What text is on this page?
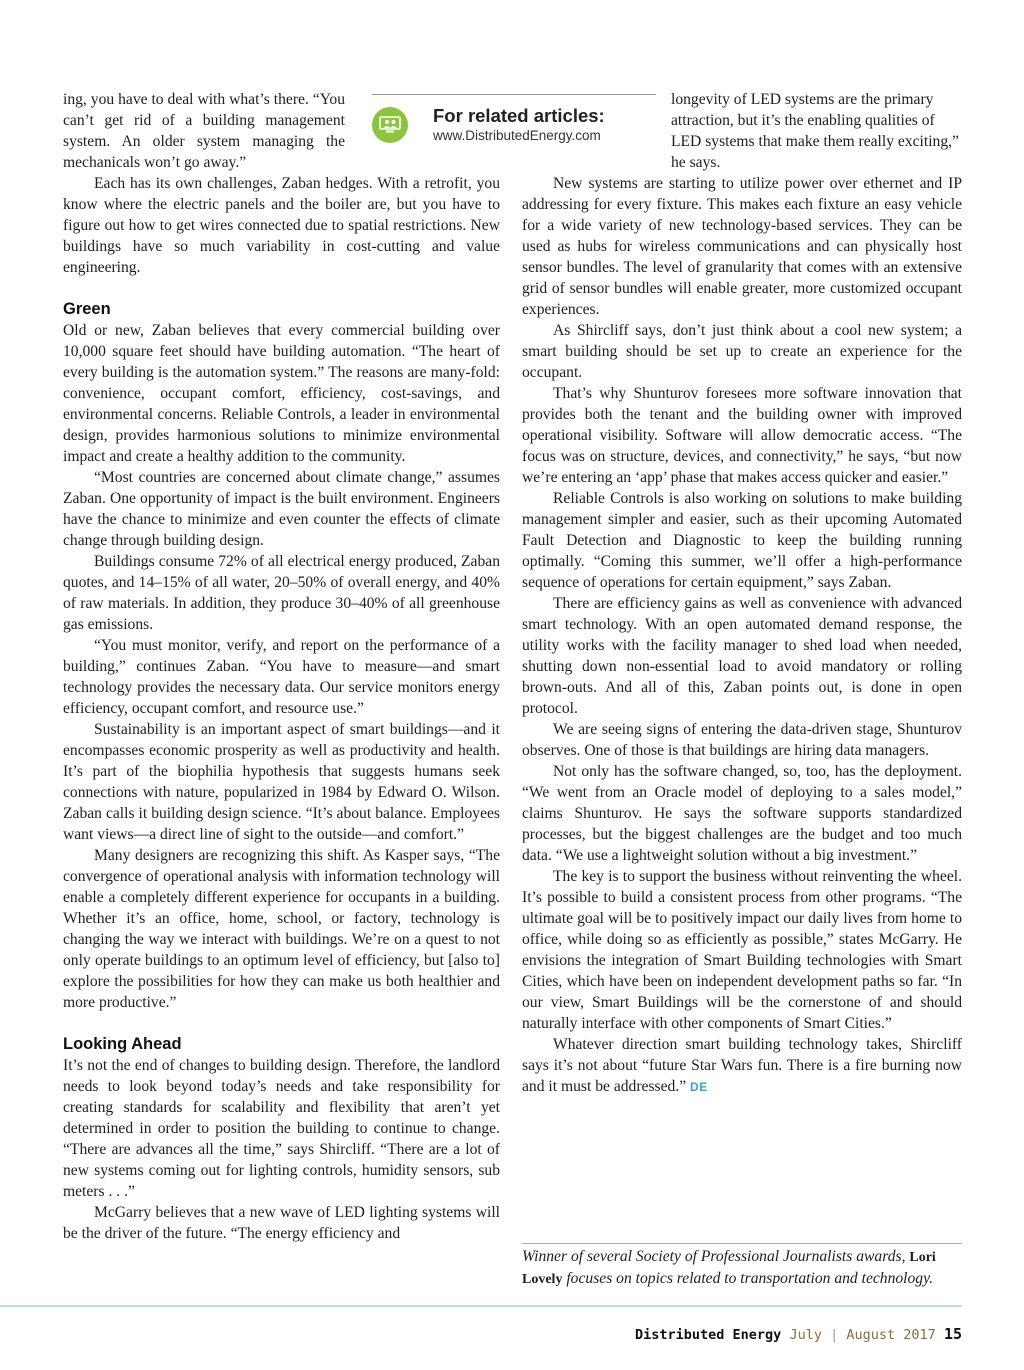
ing, you have to deal with what’s there. “You can’t get rid of a building management system. An older system managing the mechanicals won’t go away.”

Each has its own challenges, Zaban hedges. With a retrofit, you know where the electric panels and the boiler are, but you have to figure out how to get wires connected due to spatial restrictions. New buildings have so much variability in cost-cutting and value engineering.

Green

Old or new, Zaban believes that every commercial building over 10,000 square feet should have building automation. “The heart of every building is the automation system.” The reasons are many-fold: convenience, occupant comfort, efficiency, cost-savings, and environmental concerns. Reliable Controls, a leader in environmental design, provides harmonious solutions to minimize environmental impact and create a healthy addition to the community.

“Most countries are concerned about climate change,” assumes Zaban. One opportunity of impact is the built environment. Engineers have the chance to minimize and even counter the effects of climate change through building design.

Buildings consume 72% of all electrical energy produced, Zaban quotes, and 14–15% of all water, 20–50% of overall energy, and 40% of raw materials. In addition, they produce 30–40% of all greenhouse gas emissions.

“You must monitor, verify, and report on the performance of a building,” continues Zaban. “You have to measure—and smart technology provides the necessary data. Our service monitors energy efficiency, occupant comfort, and resource use.”

Sustainability is an important aspect of smart buildings—and it encompasses economic prosperity as well as productivity and health. It’s part of the biophilia hypothesis that suggests humans seek connections with nature, popularized in 1984 by Edward O. Wilson. Zaban calls it building design science. “It’s about balance. Employees want views—a direct line of sight to the outside—and comfort.”

Many designers are recognizing this shift. As Kasper says, “The convergence of operational analysis with information technology will enable a completely different experience for occupants in a building. Whether it’s an office, home, school, or factory, technology is changing the way we interact with buildings. We’re on a quest to not only operate buildings to an optimum level of efficiency, but [also to] explore the possibilities for how they can make us both healthier and more productive.”

Looking Ahead

It’s not the end of changes to building design. Therefore, the landlord needs to look beyond today’s needs and take responsibility for creating standards for scalability and flexibility that aren’t yet determined in order to position the building to continue to change. “There are advances all the time,” says Shircliff. “There are a lot of new systems coming out for lighting controls, humidity sensors, sub meters . . .”

McGarry believes that a new wave of LED lighting systems will be the driver of the future. “The energy efficiency and

longevity of LED systems are the primary attraction, but it’s the enabling qualities of LED systems that make them really exciting,” he says.

New systems are starting to utilize power over ethernet and IP addressing for every fixture. This makes each fixture an easy vehicle for a wide variety of new technology-based services. They can be used as hubs for wireless communications and can physically host sensor bundles. The level of granularity that comes with an extensive grid of sensor bundles will enable greater, more customized occupant experiences.

As Shircliff says, don’t just think about a cool new system; a smart building should be set up to create an experience for the occupant.

That’s why Shunturov foresees more software innovation that provides both the tenant and the building owner with improved operational visibility. Software will allow democratic access. “The focus was on structure, devices, and connectivity,” he says, “but now we’re entering an ‘app’ phase that makes access quicker and easier.”

Reliable Controls is also working on solutions to make building management simpler and easier, such as their upcoming Automated Fault Detection and Diagnostic to keep the building running optimally. “Coming this summer, we’ll offer a high-performance sequence of operations for certain equipment,” says Zaban.

There are efficiency gains as well as convenience with advanced smart technology. With an open automated demand response, the utility works with the facility manager to shed load when needed, shutting down non-essential load to avoid mandatory or rolling brown-outs. And all of this, Zaban points out, is done in open protocol.

We are seeing signs of entering the data-driven stage, Shunturov observes. One of those is that buildings are hiring data managers.

Not only has the software changed, so, too, has the deployment. “We went from an Oracle model of deploying to a sales model,” claims Shunturov. He says the software supports standardized processes, but the biggest challenges are the budget and too much data. “We use a lightweight solution without a big investment.”

The key is to support the business without reinventing the wheel. It’s possible to build a consistent process from other programs. “The ultimate goal will be to positively impact our daily lives from home to office, while doing so as efficiently as possible,” states McGarry. He envisions the integration of Smart Building technologies with Smart Cities, which have been on independent development paths so far. “In our view, Smart Buildings will be the cornerstone of and should naturally interface with other components of Smart Cities.”

Whatever direction smart building technology takes, Shircliff says it’s not about “future Star Wars fun. There is a fire burning now and it must be addressed.” DE

For related articles:
www.DistributedEnergy.com
Winner of several Society of Professional Journalists awards, Lori Lovely focuses on topics related to transportation and technology.
Distributed Energy July | August 2017 15
